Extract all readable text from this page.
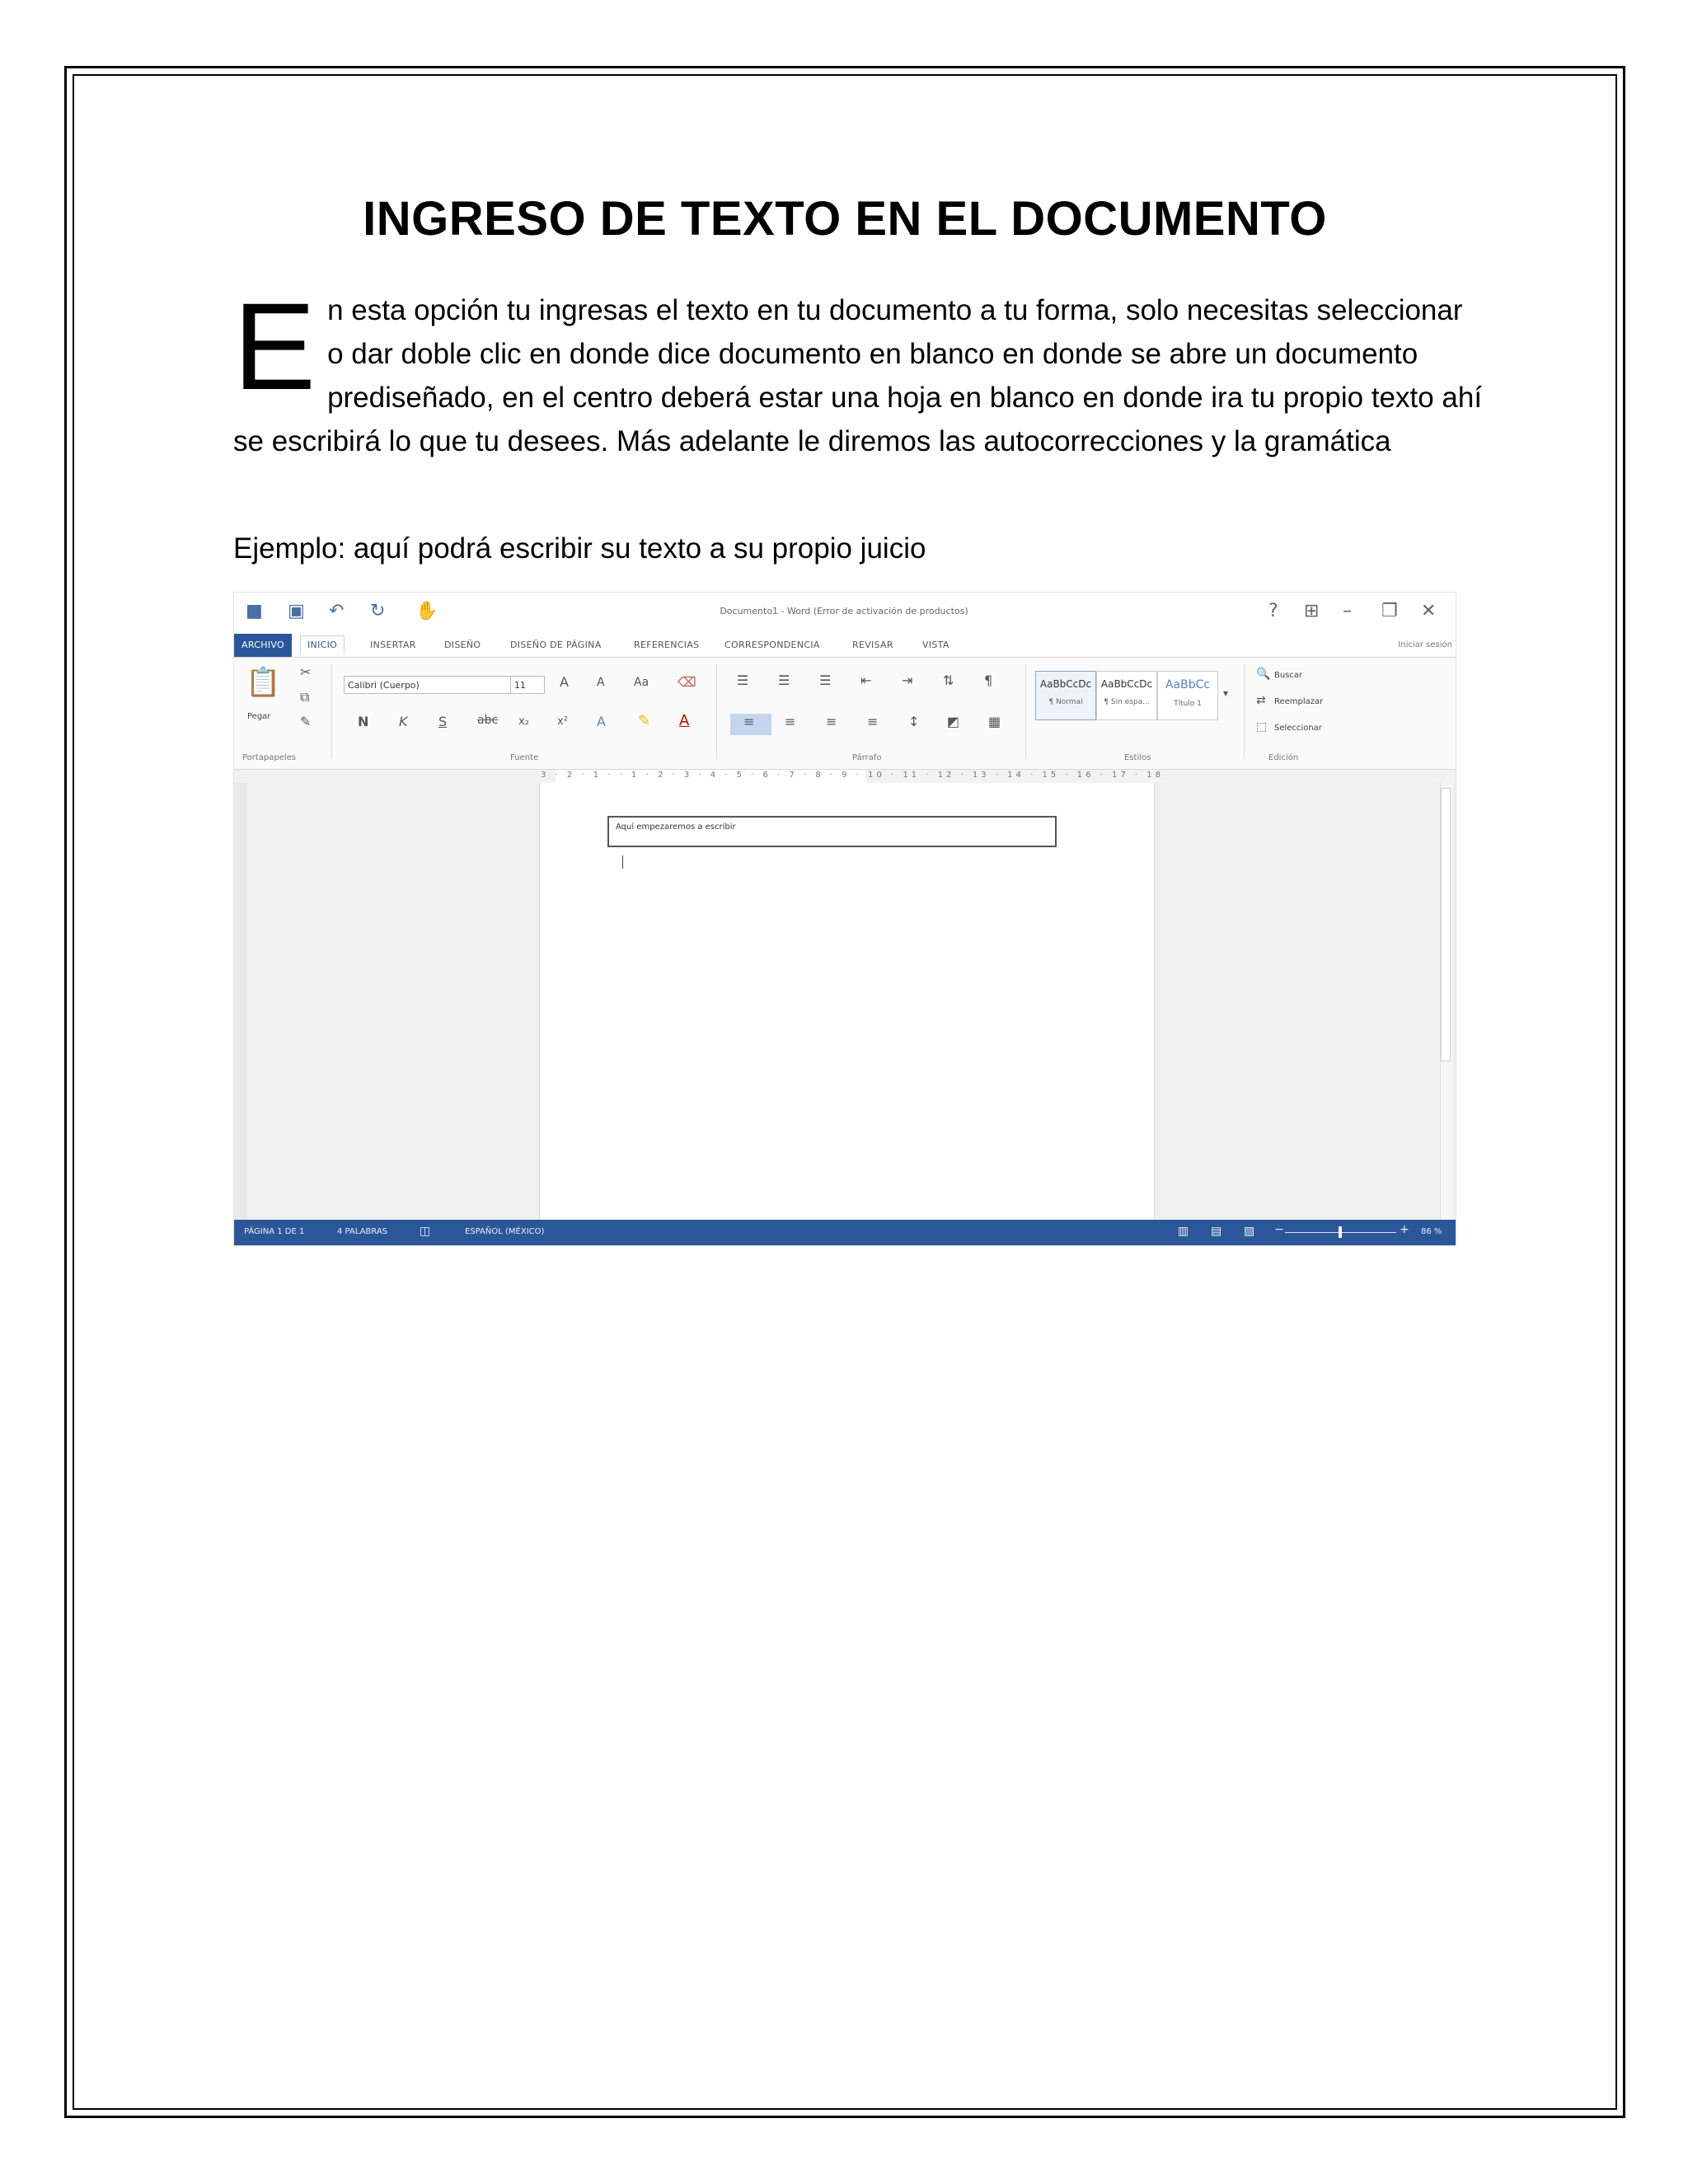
INGRESO DE TEXTO EN EL DOCUMENTO
E n esta opción tu ingresas el texto en tu documento a tu forma, solo necesitas seleccionar o dar doble clic en donde dice documento en blanco en donde se abre un documento prediseñado, en el centro deberá estar una hoja en blanco en donde ira tu propio texto ahí se escribirá lo que tu desees. Más adelante le diremos las autocorrecciones y la gramática
Ejemplo: aquí podrá escribir su texto a su propio juicio
■ ▣ ↶ ↻ ✋	Documento1 - Word (Error de activación de productos)	? ⊞ – ❐ ✕
ARCHIVO	INICIO	INSERTAR	DISEÑO	DISEÑO DE PÁGINA	REFERENCIAS	CORRESPONDENCIA	REVISAR	VISTA	Iniciar sesión
📋
Pegar
✂
⧉
✎
Portapapeles
Calibri (Cuerpo)	11	A A	Aa ⌫
N K S	abc x₂	x² A ✎ A
Fuente
☰ ☰ ☰ ⇤ ⇥ ⇅ ¶
≡ ≡ ≡ ≡ ↕ ◩ ▦
Párrafo
AaBbCcDc
¶ Normal
AaBbCcDc
¶ Sin espa...
AaBbCc
Título 1
▾
Estilos
🔍 Buscar
⇄ Reemplazar
⬚ Seleccionar
Edición
3 · 2 · 1 · · 1 · 2 · 3 · 4 · 5 · 6 · 7 · 8 · 9 · 10 · 11 · 12 · 13 · 14 · 15 · 16 · 17 · 18
Aquí empezaremos a escribir
PÁGINA 1 DE 1	4 PALABRAS	◫	ESPAÑOL (MÉXICO)	▥ ▤ ▧ −	+ 86 %
